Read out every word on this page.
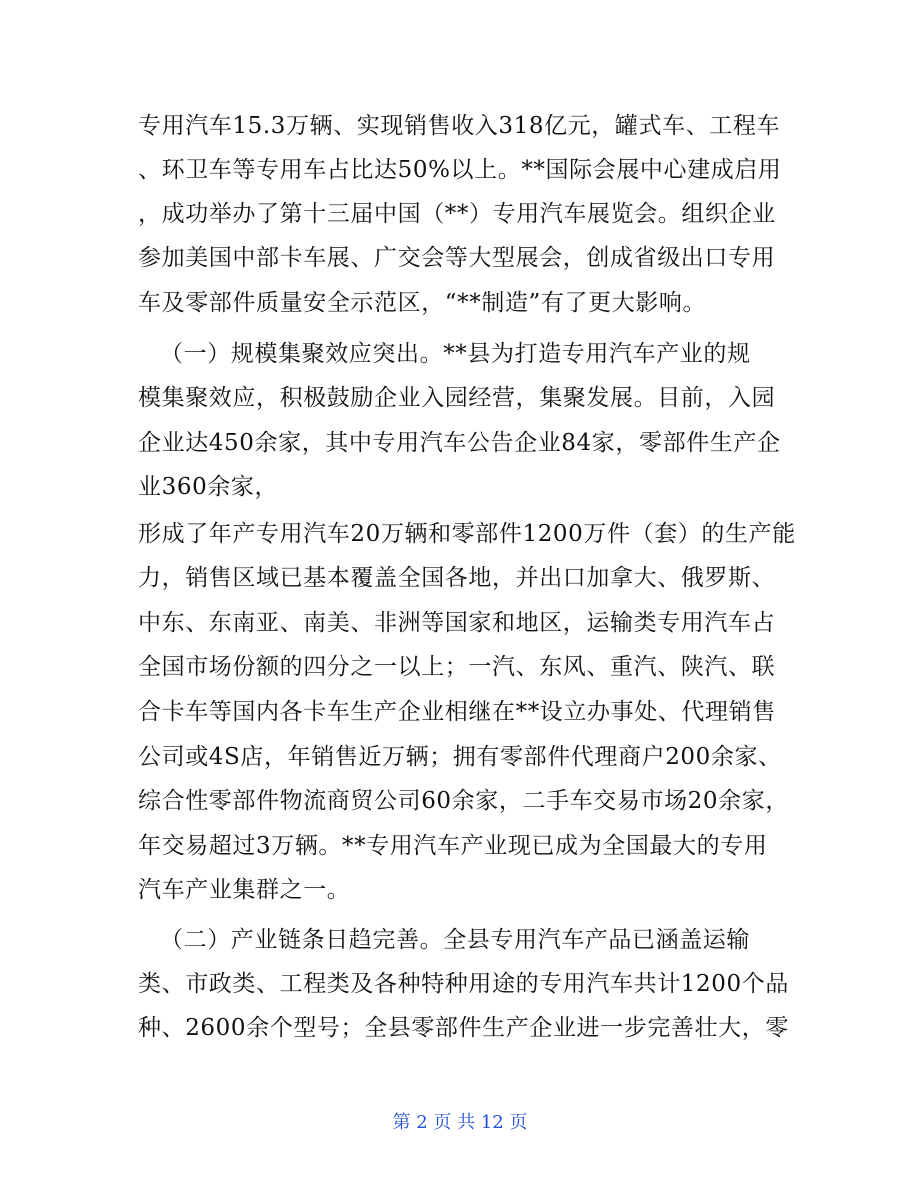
专用汽车15.3万辆、实现销售收入318亿元，罐式车、工程车
、环卫车等专用车占比达50%以上。**国际会展中心建成启用
，成功举办了第十三届中国（**）专用汽车展览会。组织企业
参加美国中部卡车展、广交会等大型展会，创成省级出口专用
车及零部件质量安全示范区，“**制造”有了更大影响。
（一）规模集聚效应突出。**县为打造专用汽车产业的规
模集聚效应，积极鼓励企业入园经营，集聚发展。目前，入园
企业达450余家，其中专用汽车公告企业84家，零部件生产企
业360余家，
形成了年产专用汽车20万辆和零部件1200万件（套）的生产能
力，销售区域已基本覆盖全国各地，并出口加拿大、俄罗斯、
中东、东南亚、南美、非洲等国家和地区，运输类专用汽车占
全国市场份额的四分之一以上；一汽、东风、重汽、陕汽、联
合卡车等国内各卡车生产企业相继在**设立办事处、代理销售
公司或4S店，年销售近万辆；拥有零部件代理商户200余家、
综合性零部件物流商贸公司60余家，二手车交易市场20余家，
年交易超过3万辆。**专用汽车产业现已成为全国最大的专用
汽车产业集群之一。
（二）产业链条日趋完善。全县专用汽车产品已涵盖运输
类、市政类、工程类及各种特种用途的专用汽车共计1200个品
种、2600余个型号；全县零部件生产企业进一步完善壮大，零
第 2 页 共 12 页
